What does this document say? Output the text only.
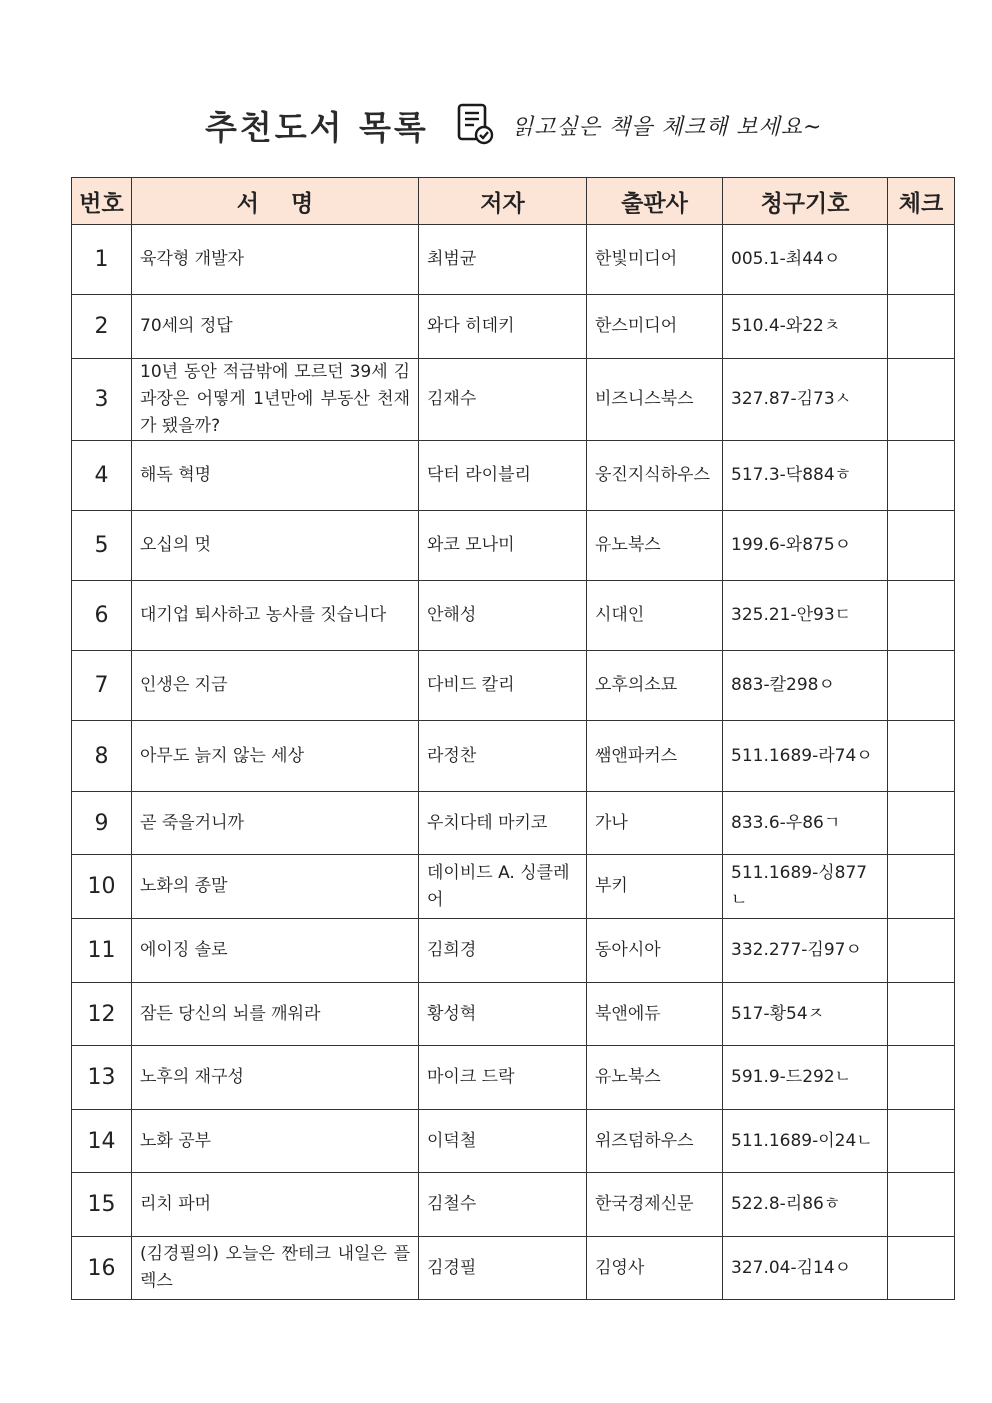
추천도서 목록	읽고싶은 책을 체크해 보세요~
번호	서    명	저자	출판사	청구기호	체크
1	육각형 개발자	최범균	한빛미디어	005.1-최44ㅇ	
2	70세의 정답	와다 히데키	한스미디어	510.4-와22ㅊ	
3	10년 동안 적금밖에 모르던 39세 김과장은 어떻게 1년만에 부동산 천재가 됐을까?	김재수	비즈니스북스	327.87-김73ㅅ	
4	해독 혁명	닥터 라이블리	웅진지식하우스	517.3-닥884ㅎ	
5	오십의 멋	와코 모나미	유노북스	199.6-와875ㅇ	
6	대기업 퇴사하고 농사를 짓습니다	안해성	시대인	325.21-안93ㄷ	
7	인생은 지금	다비드 칼리	오후의소묘	883-칼298ㅇ	
8	아무도 늙지 않는 세상	라정찬	쌤앤파커스	511.1689-라74ㅇ	
9	곧 죽을거니까	우치다테 마키코	가나	833.6-우86ㄱ	
10	노화의 종말	데이비드 A. 싱클레어	부키	511.1689-싱877ㄴ	
11	에이징 솔로	김희경	동아시아	332.277-김97ㅇ	
12	잠든 당신의 뇌를 깨워라	황성혁	북앤에듀	517-황54ㅈ	
13	노후의 재구성	마이크 드락	유노북스	591.9-드292ㄴ	
14	노화 공부	이덕철	위즈덤하우스	511.1689-이24ㄴ	
15	리치 파머	김철수	한국경제신문	522.8-리86ㅎ	
16	(김경필의) 오늘은 짠테크 내일은 플렉스	김경필	김영사	327.04-김14ㅇ	
